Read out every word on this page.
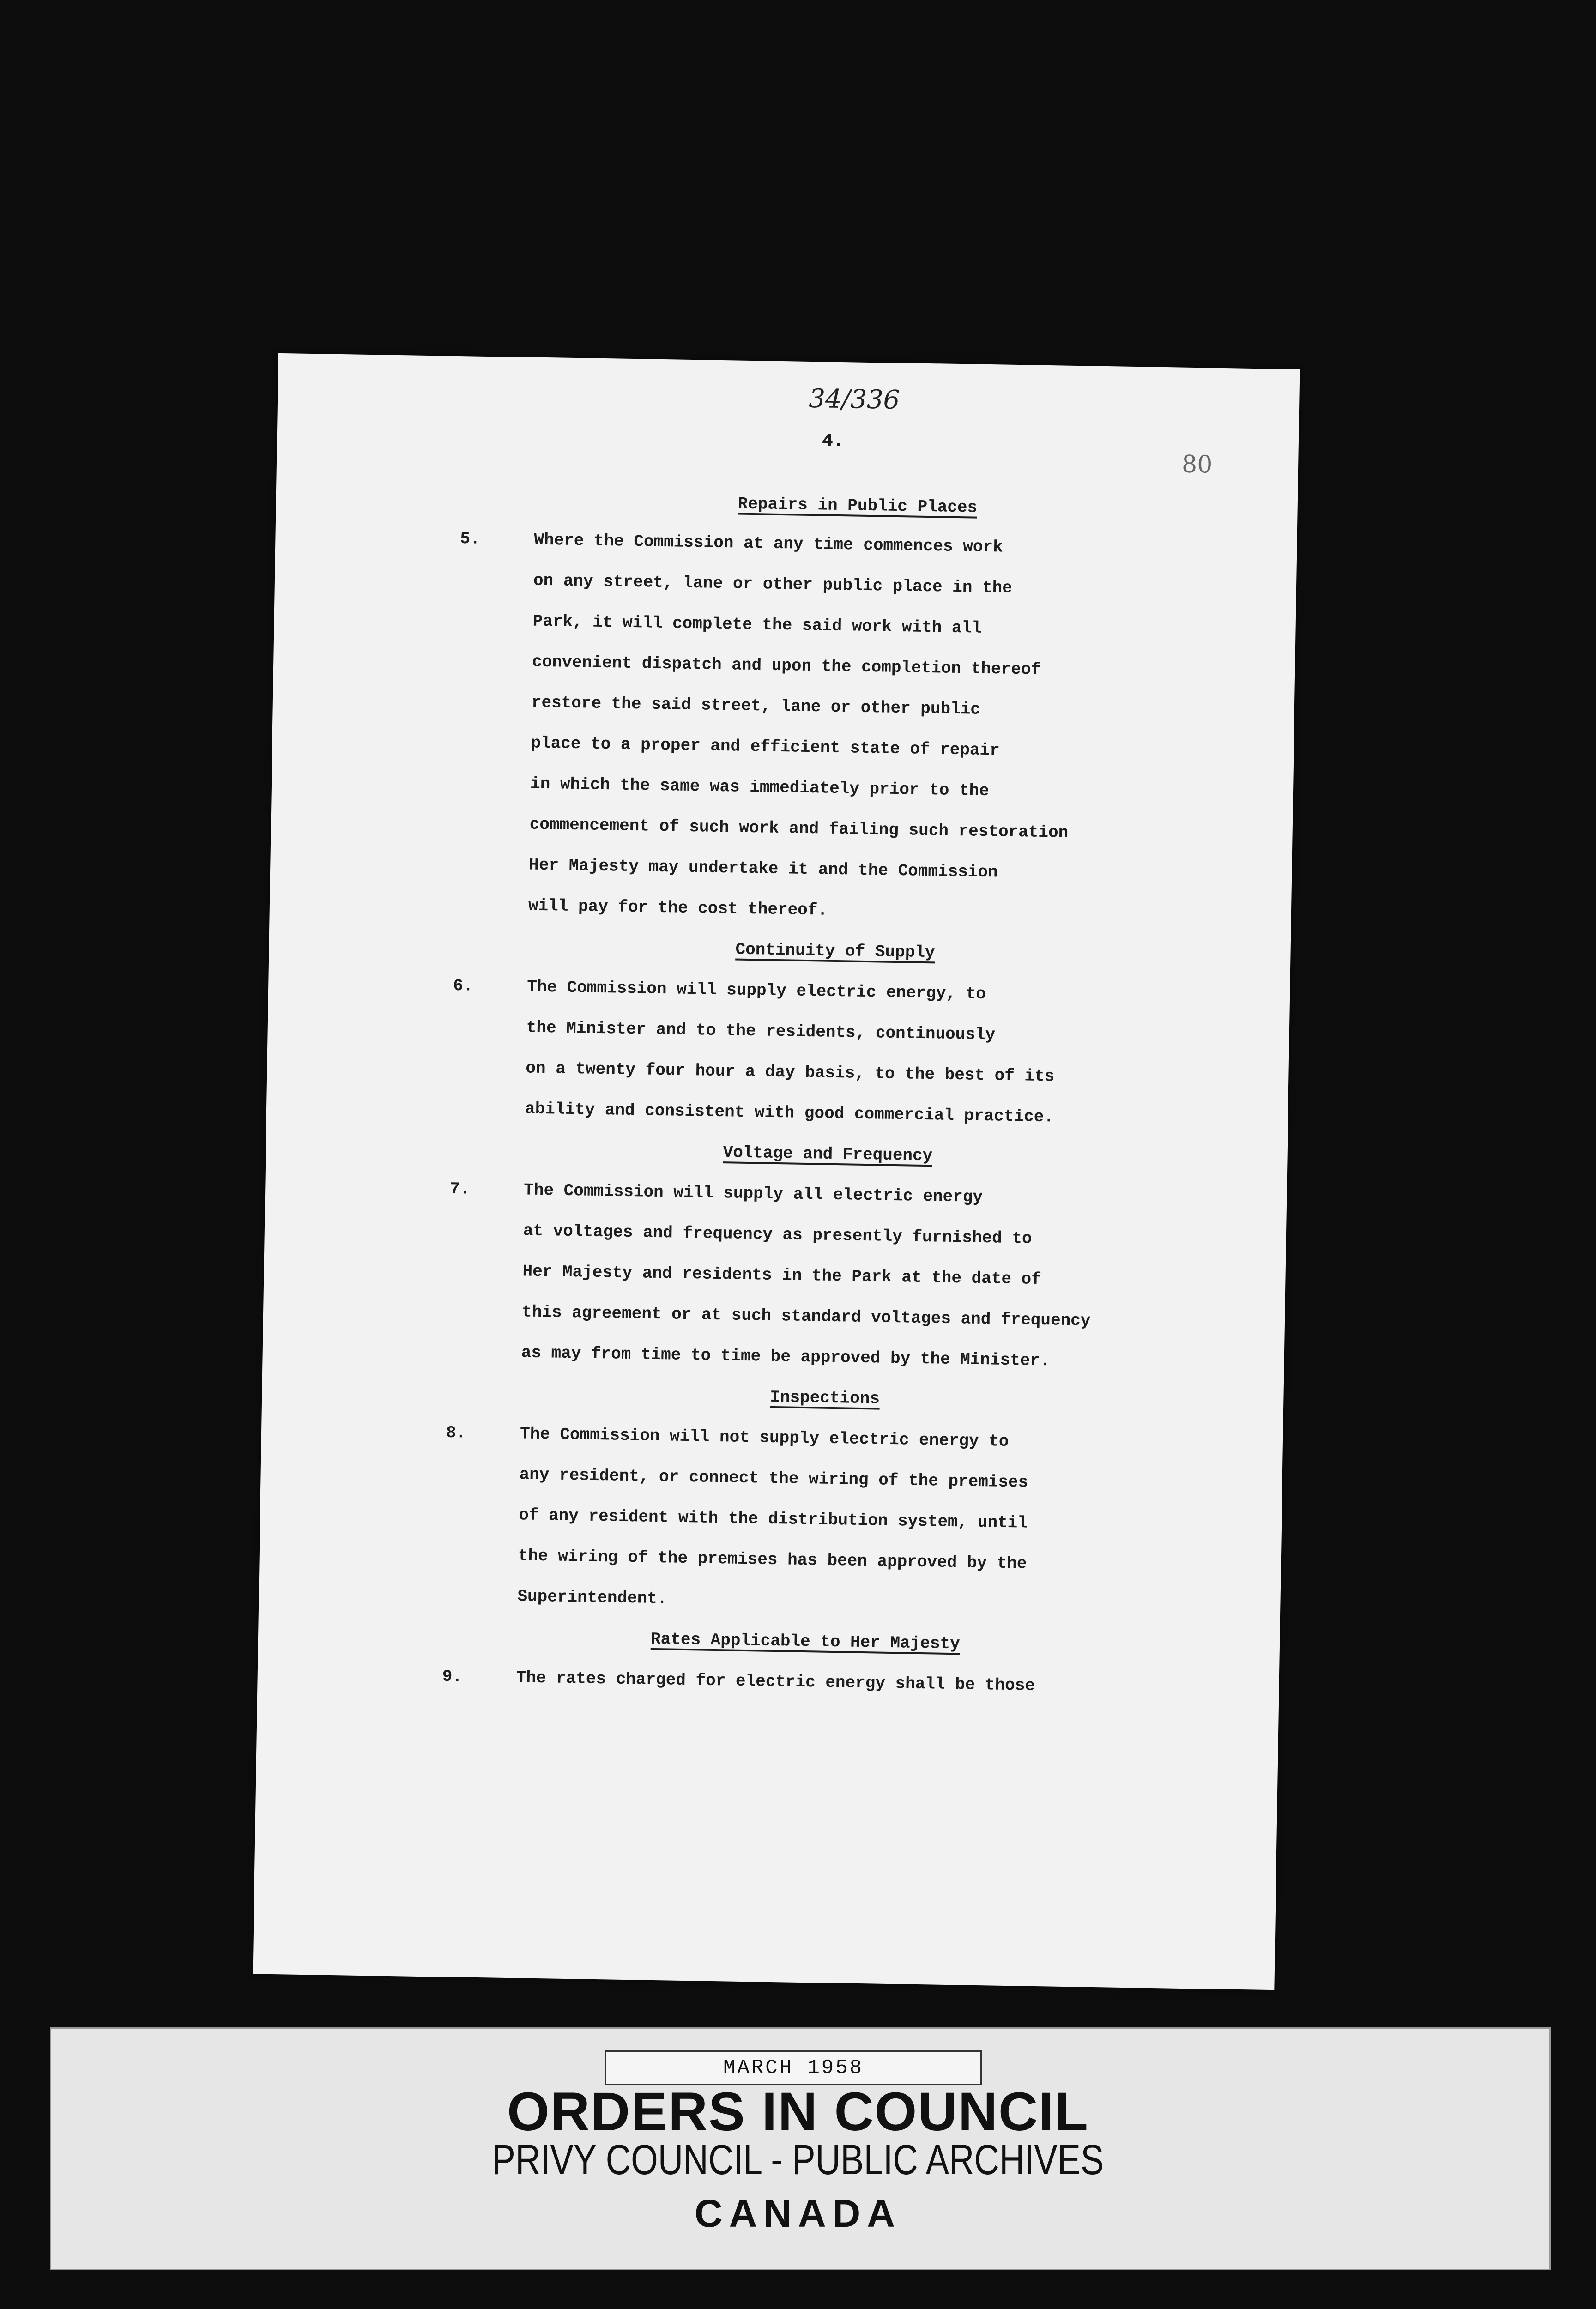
34/336
4.
80
Repairs in Public Places
5.	Where the Commission at any time commences work
on any street, lane or other public place in the
Park, it will complete the said work with all
convenient dispatch and upon the completion thereof
restore the said street, lane or other public
place to a proper and efficient state of repair
in which the same was immediately prior to the
commencement of such work and failing such restoration
Her Majesty may undertake it and the Commission
will pay for the cost thereof.
Continuity of Supply
6.	The Commission will supply electric energy, to
the Minister and to the residents, continuously
on a twenty four hour a day basis, to the best of its
ability and consistent with good commercial practice.
Voltage and Frequency
7.	The Commission will supply all electric energy
at voltages and frequency as presently furnished to
Her Majesty and residents in the Park at the date of
this agreement or at such standard voltages and frequency
as may from time to time be approved by the Minister.
Inspections
8.	The Commission will not supply electric energy to
any resident, or connect the wiring of the premises
of any resident with the distribution system, until
the wiring of the premises has been approved by the
Superintendent.
Rates Applicable to Her Majesty
9.	The rates charged for electric energy shall be those
MARCH 1958
ORDERS IN COUNCIL
PRIVY COUNCIL - PUBLIC ARCHIVES
CANADA
